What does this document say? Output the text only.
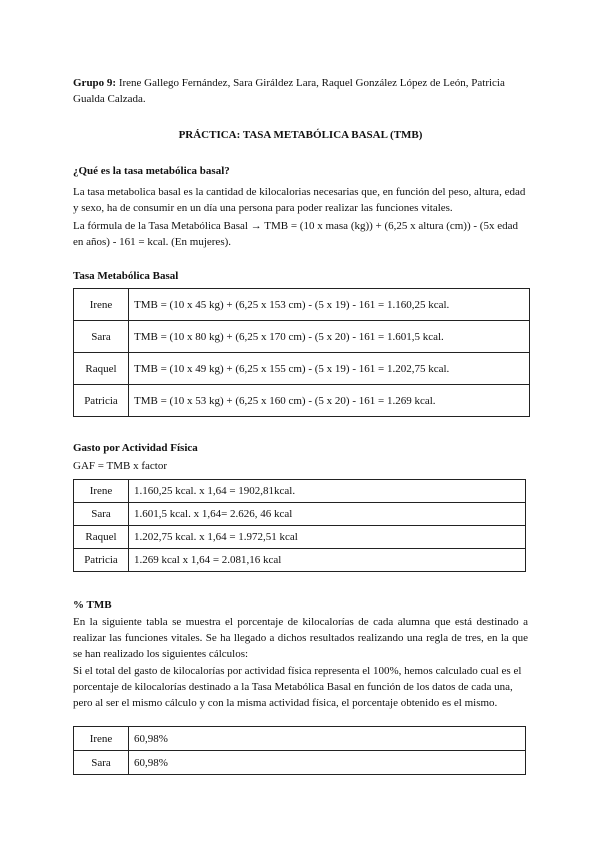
Grupo 9: Irene Gallego Fernández, Sara Giráldez Lara, Raquel González López de León, Patricia Gualda Calzada.

PRÁCTICA: TASA METABÓLICA BASAL (TMB)

¿Qué es la tasa metabólica basal?

La tasa metabolica basal es la cantidad de kilocalorias necesarias que, en función del peso, altura, edad y sexo, ha de consumir en un día una persona para poder realizar las funciones vitales.

La fórmula de la Tasa Metabólica Basal → TMB = (10 x masa (kg)) + (6,25 x altura (cm)) - (5x edad en años) - 161 = kcal. (En mujeres).

Tasa Metabólica Basal

Irene	TMB = (10 x 45 kg) + (6,25 x 153 cm) - (5 x 19) - 161 = 1.160,25 kcal.
Sara	TMB = (10 x 80 kg) + (6,25 x 170 cm) - (5 x 20) - 161 = 1.601,5 kcal.
Raquel	TMB = (10 x 49 kg) + (6,25 x 155 cm) - (5 x 19) - 161 = 1.202,75 kcal.
Patricia	TMB = (10 x 53 kg) + (6,25 x 160 cm) - (5 x 20) - 161 = 1.269 kcal.

Gasto por Actividad Física

GAF = TMB x factor

Irene	1.160,25 kcal. x 1,64 = 1902,81kcal.
Sara	1.601,5 kcal. x 1,64= 2.626, 46 kcal
Raquel	1.202,75 kcal. x 1,64 = 1.972,51 kcal
Patricia	1.269 kcal x 1,64 = 2.081,16 kcal

% TMB

En la siguiente tabla se muestra el porcentaje de kilocalorías de cada alumna que está destinado a realizar las funciones vitales. Se ha llegado a dichos resultados realizando una regla de tres, en la que se han realizado los siguientes cálculos:

Si el total del gasto de kilocalorías por actividad física representa el 100%, hemos calculado cual es el porcentaje de kilocalorías destinado a la Tasa Metabólica Basal en función de los datos de cada una, pero al ser el mismo cálculo y con la misma actividad física, el porcentaje obtenido es el mismo.

Irene	60,98%
Sara	60,98%
